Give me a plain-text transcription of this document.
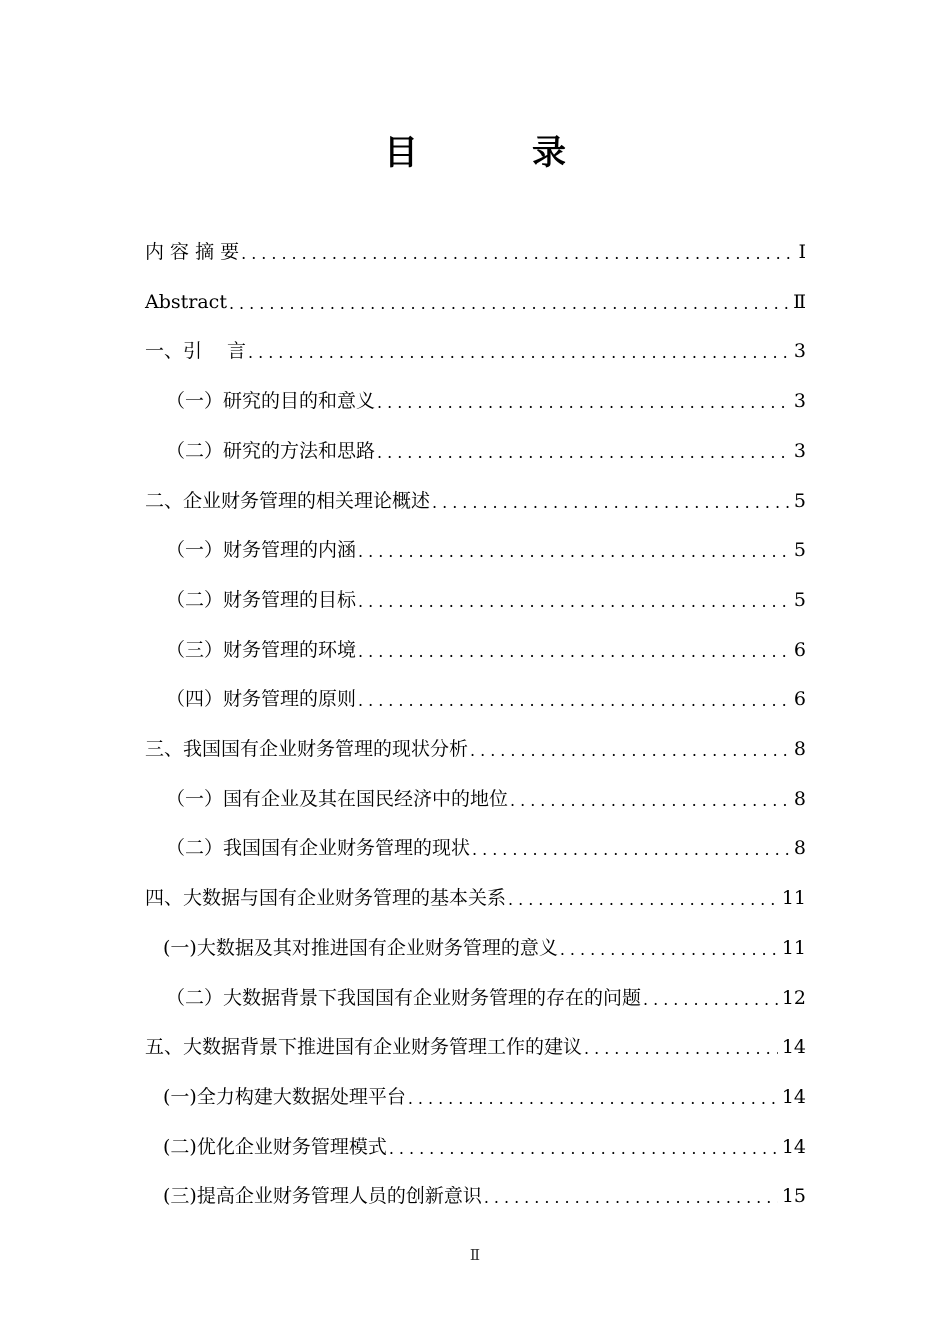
目　录
内 容 摘 要 .....	Ⅰ
Abstract .....	Ⅱ
一、引　 言 .....	3
（一）研究的目的和意义 .....	3
（二）研究的方法和思路 .....	3
二、企业财务管理的相关理论概述 .....	5
（一）财务管理的内涵 .....	5
（二）财务管理的目标 .....	5
（三）财务管理的环境 .....	6
（四）财务管理的原则 .....	6
三、我国国有企业财务管理的现状分析 .....	8
（一）国有企业及其在国民经济中的地位 .....	8
（二）我国国有企业财务管理的现状 .....	8
四、大数据与国有企业财务管理的基本关系 .....	11
(一)大数据及其对推进国有企业财务管理的意义 .....	11
（二）大数据背景下我国国有企业财务管理的存在的问题 .....	12
五、大数据背景下推进国有企业财务管理工作的建议 .....	14
(一)全力构建大数据处理平台 .....	14
(二)优化企业财务管理模式 .....	14
(三)提高企业财务管理人员的创新意识 .....	15
Ⅱ
